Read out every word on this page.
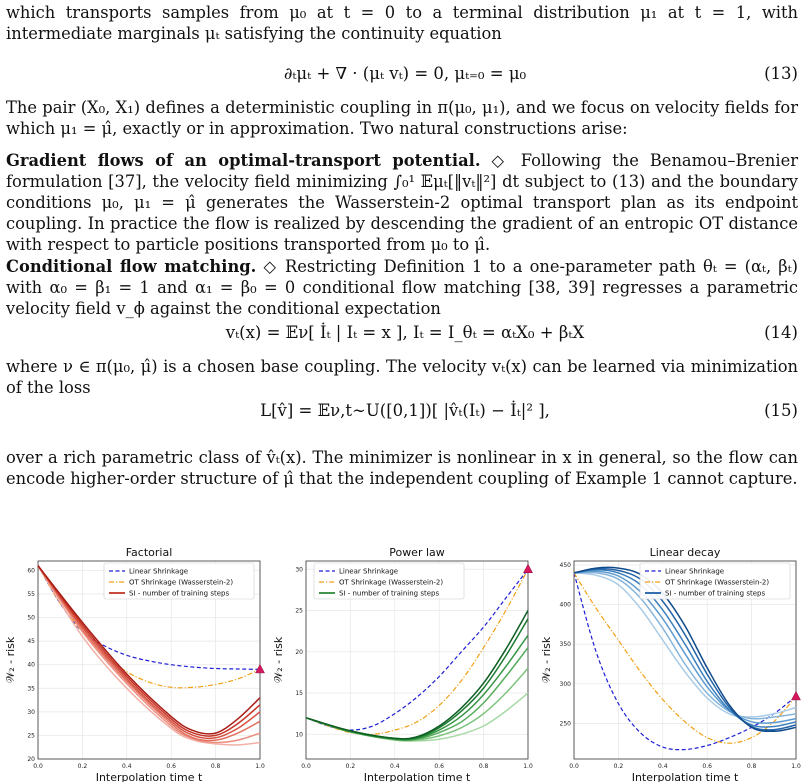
which transports samples from μ₀ at t = 0 to a terminal distribution μ₁ at t = 1, with intermediate marginals μₜ satisfying the continuity equation

∂ₜμₜ + ∇ · (μₜ vₜ) = 0, μₜ₌₀ = μ₀	(13)

The pair (X₀, X₁) defines a deterministic coupling in π(μ₀, μ₁), and we focus on velocity fields for which μ₁ = μ̂, exactly or in approximation. Two natural constructions arise:

Gradient flows of an optimal-transport potential. ◇ Following the Benamou–Brenier formulation [37], the velocity field minimizing ∫₀¹ 𝔼μₜ[‖vₜ‖²] dt subject to (13) and the boundary conditions μ₀, μ₁ = μ̂ generates the Wasserstein-2 optimal transport plan as its endpoint coupling. In practice the flow is realized by descending the gradient of an entropic OT distance with respect to particle positions transported from μ₀ to μ̂.

Conditional flow matching. ◇ Restricting Definition 1 to a one-parameter path θₜ = (αₜ, βₜ) with α₀ = β₁ = 1 and α₁ = β₀ = 0 conditional flow matching [38, 39] regresses a parametric velocity field v_ϕ against the conditional expectation

vₜ(x) = 𝔼ν[ İₜ | Iₜ = x ], Iₜ = I_θₜ = αₜX₀ + βₜX	(14)

where ν ∈ π(μ₀, μ̂) is a chosen base coupling. The velocity vₜ(x) can be learned via minimization of the loss

L[v̂] = 𝔼ν,t∼U([0,1])[ |v̂ₜ(Iₜ) − İₜ|² ],	(15)

over a rich parametric class of v̂ₜ(x). The minimizer is nonlinear in x in general, so the flow can encode higher-order structure of μ̂ that the independent coupling of Example 1 cannot capture.

Factorial
0.0	0.2	0.4	0.6	0.8	1.0
20
25
30
35
40
45
50
55
60
Interpolation time t
𝒲₂ - risk
Linear Shrinkage
OT Shrinkage (Wasserstein-2)
SI - number of training steps
Power law
0.0	0.2	0.4	0.6	0.8	1.0
10
15
20
25
30
Interpolation time t
𝒲₂ - risk
Linear Shrinkage
OT Shrinkage (Wasserstein-2)
SI - number of training steps
Linear decay
0.0	0.2	0.4	0.6	0.8	1.0
250
300
350
400
450
Interpolation time t
𝒲₂ - risk
Linear Shrinkage
OT Shrinkage (Wasserstein-2)
SI - number of training steps
